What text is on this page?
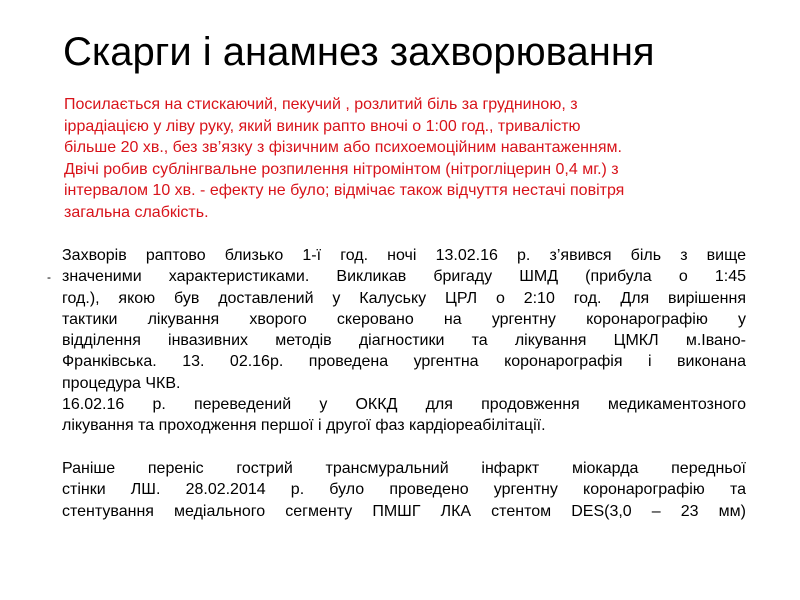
Скарги і анамнез захворювання
Посилається на стискаючий, пекучий , розлитий біль за грудниною, з
іррадіацією у ліву руку, який виник рапто вночі о 1:00 год., тривалістю
більше 20 хв., без зв’язку з фізичним або психоемоційним навантаженням.
Двічі робив сублінгвальне розпилення нітромінтом (нітрогліцерин 0,4 мг.) з
інтервалом 10 хв. - ефекту не було; відмічає також відчуття нестачі повітря
загальна слабкість.
-

Захворів раптово близько 1-ї год. ночі 13.02.16 р. з’явився біль з вище
значеними характеристиками. Викликав бригаду ШМД (прибула о 1:45
год.), якою був доставлений у Калуську ЦРЛ о 2:10 год. Для вирішення
тактики лікування хворого скеровано на ургентну коронарографію у
відділення інвазивних методів діагностики та лікування ЦМКЛ м.Івано-
Франківська. 13. 02.16р. проведена ургентна коронарографія і виконана
процедура ЧКВ.

16.02.16 р. переведений у ОККД для продовження медикаментозного
лікування та проходження першої і другої фаз кардіореабілітації.

Раніше переніс гострий трансмуральний інфаркт міокарда передньої
стінки ЛШ. 28.02.2014 р. було проведено ургентну коронарографію та
стентування медіального сегменту ПМШГ ЛКА стентом DES(3,0 – 23 мм)
